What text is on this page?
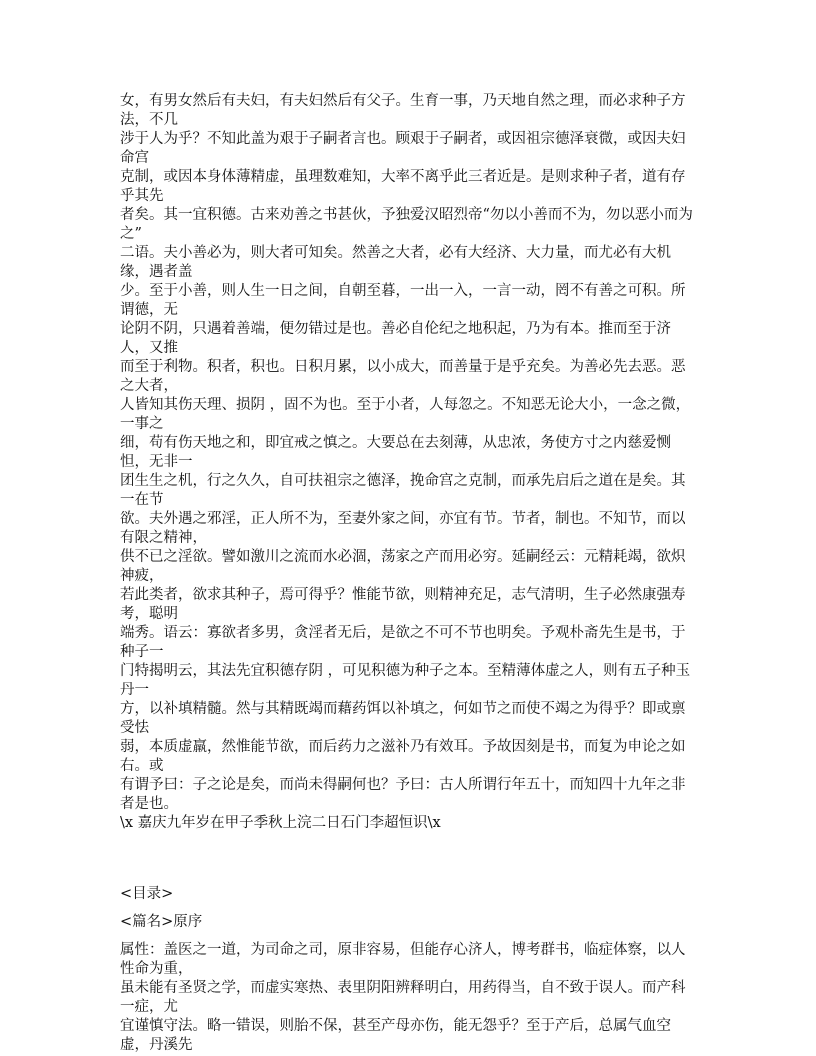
女，有男女然后有夫妇，有夫妇然后有父子。生育一事，乃天地自然之理，而必求种子方法，不几
涉于人为乎？不知此盖为艰于子嗣者言也。顾艰于子嗣者，或因祖宗德泽衰微，或因夫妇命宫
克制，或因本身体薄精虚，虽理数难知，大率不离乎此三者近是。是则求种子者，道有存乎其先
者矣。其一宜积德。古来劝善之书甚伙，予独爱汉昭烈帝“勿以小善而不为，勿以恶小而为之”
二语。夫小善必为，则大者可知矣。然善之大者，必有大经济、大力量，而尤必有大机缘，遇者盖
少。至于小善，则人生一日之间，自朝至暮，一出一入，一言一动，罔不有善之可积。所谓德，无
论阴不阴，只遇着善端，便勿错过是也。善必自伦纪之地积起，乃为有本。推而至于济人，又推
而至于利物。积者，积也。日积月累，以小成大，而善量于是乎充矣。为善必先去恶。恶之大者，
人皆知其伤天理、损阴 ，固不为也。至于小者，人每忽之。不知恶无论大小，一念之微，一事之
细，苟有伤天地之和，即宜戒之慎之。大要总在去刻薄，从忠浓，务使方寸之内慈爱恻怛，无非一
团生生之机，行之久久，自可扶祖宗之德泽，挽命宫之克制，而承先启后之道在是矣。其一在节
欲。夫外遇之邪淫，正人所不为，至妻外家之间，亦宜有节。节者，制也。不知节，而以有限之精神，
供不已之淫欲。譬如激川之流而水必涸，荡家之产而用必穷。延嗣经云：元精耗竭，欲炽神疲，
若此类者，欲求其种子，焉可得乎？惟能节欲，则精神充足，志气清明，生子必然康强寿考，聪明
端秀。语云：寡欲者多男，贪淫者无后，是欲之不可不节也明矣。予观朴斋先生是书，于种子一
门特揭明云，其法先宜积德存阴 ，可见积德为种子之本。至精薄体虚之人，则有五子种玉丹一
方，以补填精髓。然与其精既竭而藉药饵以补填之，何如节之而使不竭之为得乎？即或禀受怯
弱，本质虚羸，然惟能节欲，而后药力之滋补乃有效耳。予故因刻是书，而复为申论之如右。或
有谓予曰：子之论是矣，而尚未得嗣何也？予曰：古人所谓行年五十，而知四十九年之非者是也。
\x 嘉庆九年岁在甲子季秋上浣二日石门李超恒识\x
<目录>
<篇名>原序
属性：盖医之一道，为司命之司，原非容易，但能存心济人，博考群书，临症体察，以人性命为重，
虽未能有圣贤之学，而虚实寒热、表里阴阳辨释明白，用药得当，自不致于误人。而产科一症，尤
宜谨慎守法。略一错误，则胎不保，甚至产母亦伤，能无怨乎？至于产后，总属气血空虚，丹溪先
